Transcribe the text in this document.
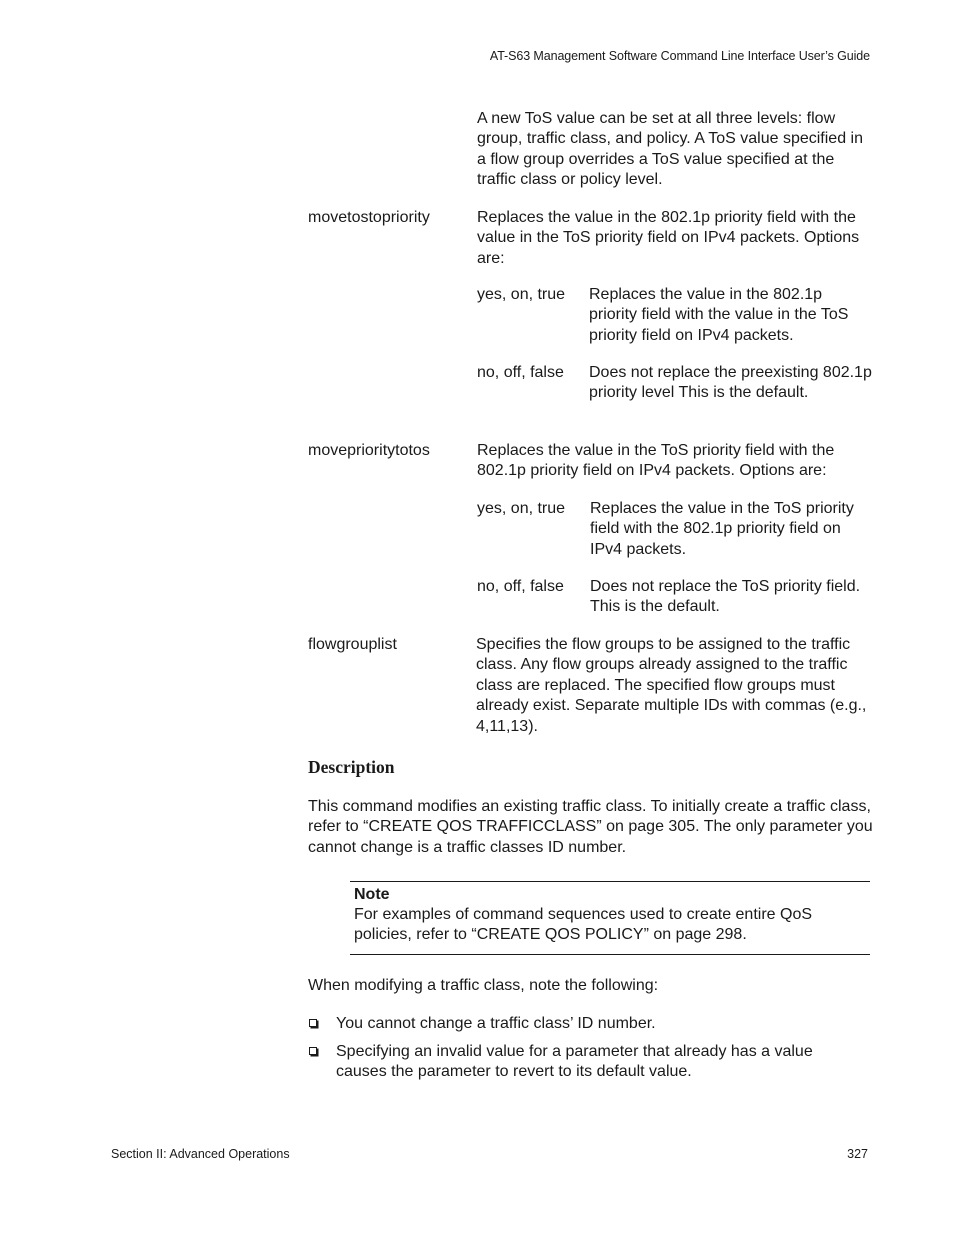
AT-S63 Management Software Command Line Interface User’s Guide
A new ToS value can be set at all three levels: flow group, traffic class, and policy. A ToS value specified in a flow group overrides a ToS value specified at the traffic class or policy level.
movetostopriority	Replaces the value in the 802.1p priority field with the value in the ToS priority field on IPv4 packets. Options are:
yes, on, true Replaces the value in the 802.1p priority field with the value in the ToS priority field on IPv4 packets.
no, off, false Does not replace the preexisting 802.1p priority level This is the default.
moveprioritytotos	Replaces the value in the ToS priority field with the 802.1p priority field on IPv4 packets. Options are:
yes, on, true Replaces the value in the ToS priority field with the 802.1p priority field on IPv4 packets.
no, off, false Does not replace the ToS priority field. This is the default.
flowgrouplist	Specifies the flow groups to be assigned to the traffic class. Any flow groups already assigned to the traffic class are replaced. The specified flow groups must already exist. Separate multiple IDs with commas (e.g., 4,11,13).
Description
This command modifies an existing traffic class. To initially create a traffic class, refer to “CREATE QOS TRAFFICCLASS” on page 305. The only parameter you cannot change is a traffic classes ID number.
Note
For examples of command sequences used to create entire QoS policies, refer to “CREATE QOS POLICY” on page 298.
When modifying a traffic class, note the following:
You cannot change a traffic class’ ID number.
Specifying an invalid value for a parameter that already has a value causes the parameter to revert to its default value.
Section II: Advanced Operations	327
